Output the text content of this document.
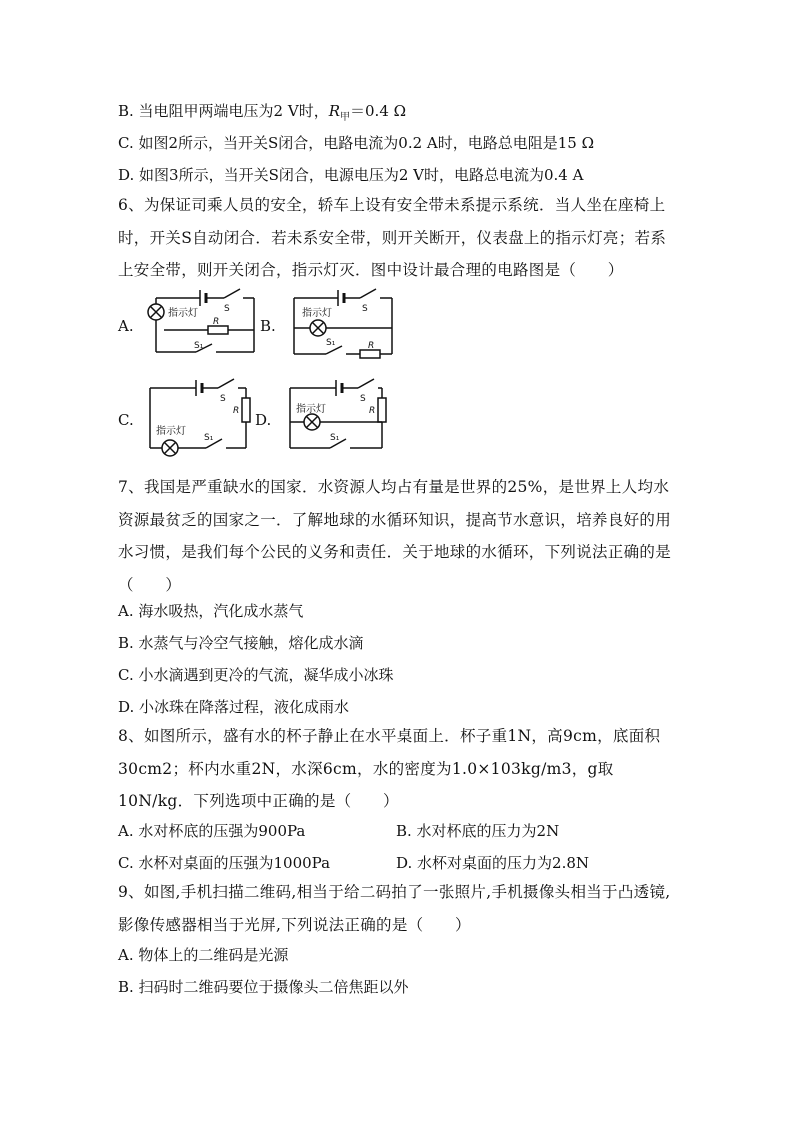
B. 当电阻甲两端电压为2 V时，$R_甲=0.4$ Ω
C. 如图2所示，当开关S闭合，电路电流为0.2 A时，电路总电阻是15 Ω
D. 如图3所示，当开关S闭合，电源电压为2 V时，电路总电流为0.4 A
6、为保证司乘人员的安全，轿车上设有安全带未系提示系统．当人坐在座椅上时，开关S自动闭合．若未系安全带，则开关断开，仪表盘上的指示灯亮；若系上安全带，则开关闭合，指示灯灭．图中设计最合理的电路图是（　　）
A.	B.
C.	D.
指示灯	S
R
S₁
指示灯	S
S₁	R
指示灯
S
R
S₁
指示灯
S
R
S₁
7、我国是严重缺水的国家．水资源人均占有量是世界的25%，是世界上人均水资源最贫乏的国家之一．了解地球的水循环知识，提高节水意识，培养良好的用水习惯，是我们每个公民的义务和责任．关于地球的水循环，下列说法正确的是（　　）
A. 海水吸热，汽化成水蒸气
B. 水蒸气与冷空气接触，熔化成水滴
C. 小水滴遇到更冷的气流，凝华成小冰珠
D. 小冰珠在降落过程，液化成雨水
8、如图所示，盛有水的杯子静止在水平桌面上．杯子重1N，高9cm，底面积30cm2；杯内水重2N，水深6cm，水的密度为1.0×103kg/m3，g取10N/kg．下列选项中正确的是（　　）
A. 水对杯底的压强为900Pa	B. 水对杯底的压力为2N
C. 水杯对桌面的压强为1000Pa	D. 水杯对桌面的压力为2.8N
9、如图,手机扫描二维码,相当于给二码拍了一张照片,手机摄像头相当于凸透镜,影像传感器相当于光屏,下列说法正确的是（　　）
A. 物体上的二维码是光源
B. 扫码时二维码要位于摄像头二倍焦距以外
